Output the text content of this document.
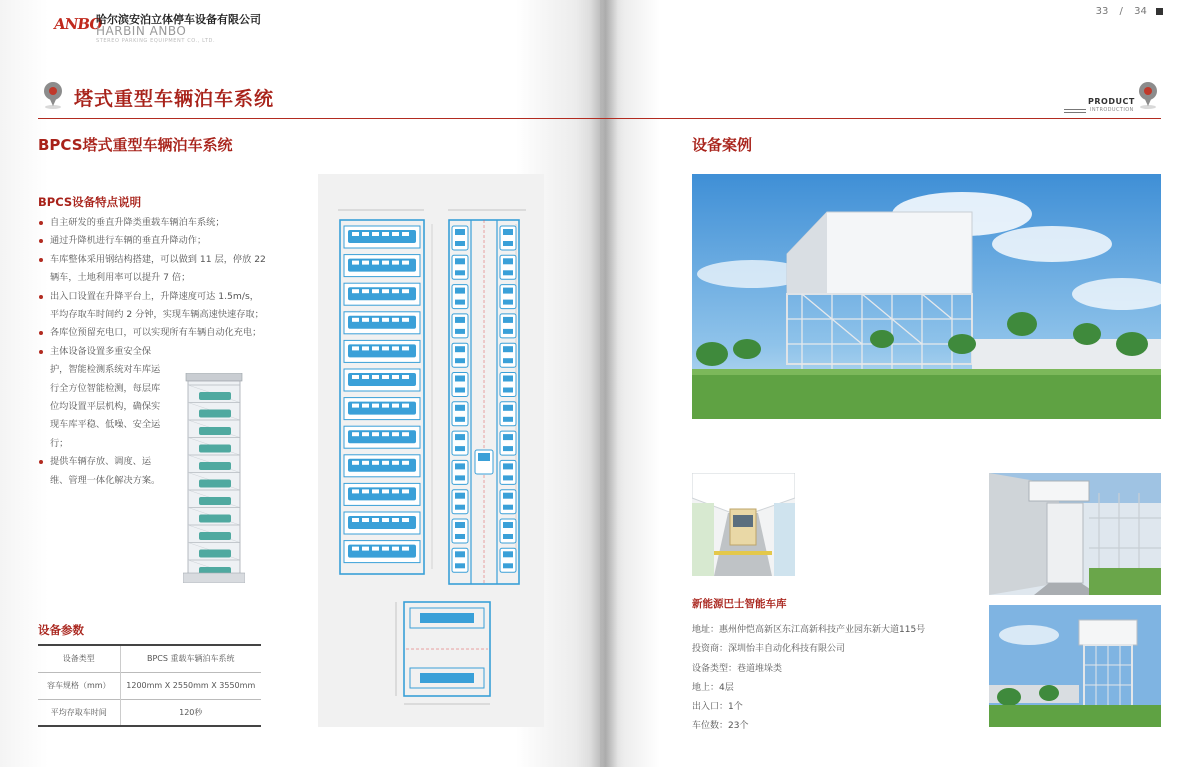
ANBO
哈尔滨安泊立体停车设备有限公司
HARBIN ANBO
STEREO PARKING EQUIPMENT CO., LTD.
33 / 34
塔式重型车辆泊车系统	PRODUCT
INTRODUCTION
BPCS塔式重型车辆泊车系统
BPCS设备特点说明
自主研发的垂直升降类重载车辆泊车系统；
通过升降机进行车辆的垂直升降动作；
车库整体采用钢结构搭建，可以做到 11 层，停放 22 辆车，土地利用率可以提升 7 倍；
出入口设置在升降平台上，升降速度可达 1.5m/s，平均存取车时间约 2 分钟，实现车辆高速快速存取；
各库位预留充电口，可以实现所有车辆自动化充电；
主体设备设置多重安全保护，智能检测系统对车库运行全方位智能检测，每层库位均设置平层机构，确保实现车库平稳、低噪、安全运行；
提供车辆存放、调度、运维、管理一体化解决方案。
设备参数
设备类型	BPCS 重载车辆泊车系统
容车规格（mm）	1200mm X 2550mm X 3550mm
平均存取车时间	120秒
设备案例
新能源巴士智能车库
地址：惠州仲恺高新区东江高新科技产业园东新大道115号
投资商：深圳怡丰自动化科技有限公司
设备类型：巷道堆垛类
地上：4层
出入口：1个
车位数：23个
